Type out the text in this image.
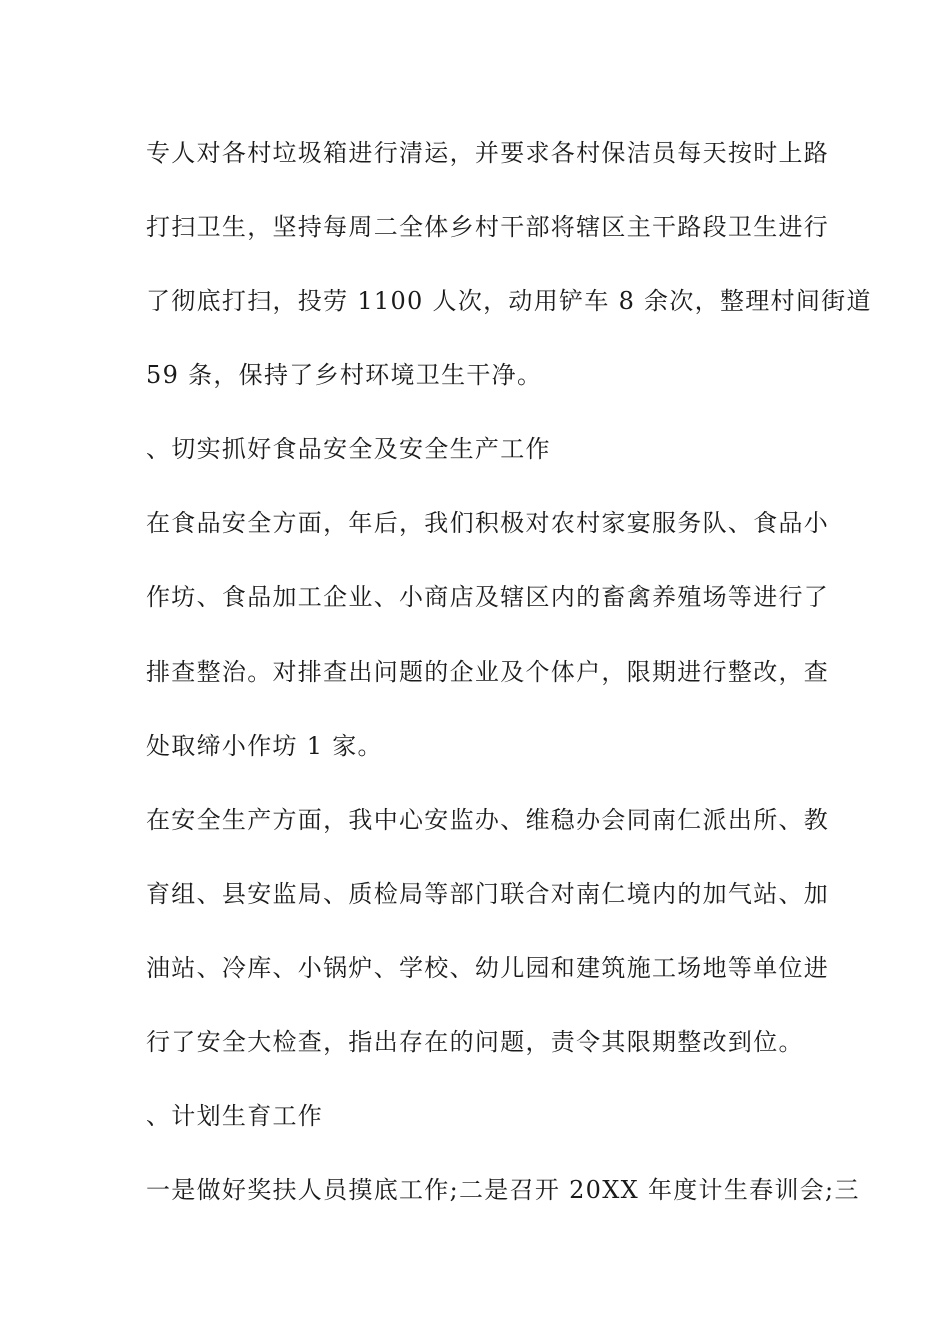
专人对各村垃圾箱进行清运，并要求各村保洁员每天按时上路
打扫卫生，坚持每周二全体乡村干部将辖区主干路段卫生进行
了彻底打扫，投劳 1100 人次，动用铲车 8 余次，整理村间街道
59 条，保持了乡村环境卫生干净。
、切实抓好食品安全及安全生产工作
在食品安全方面，年后，我们积极对农村家宴服务队、食品小
作坊、食品加工企业、小商店及辖区内的畜禽养殖场等进行了
排查整治。对排查出问题的企业及个体户，限期进行整改，查
处取缔小作坊 1 家。
在安全生产方面，我中心安监办、维稳办会同南仁派出所、教
育组、县安监局、质检局等部门联合对南仁境内的加气站、加
油站、冷库、小锅炉、学校、幼儿园和建筑施工场地等单位进
行了安全大检查，指出存在的问题，责令其限期整改到位。
、计划生育工作
一是做好奖扶人员摸底工作;二是召开 20XX 年度计生春训会;三
